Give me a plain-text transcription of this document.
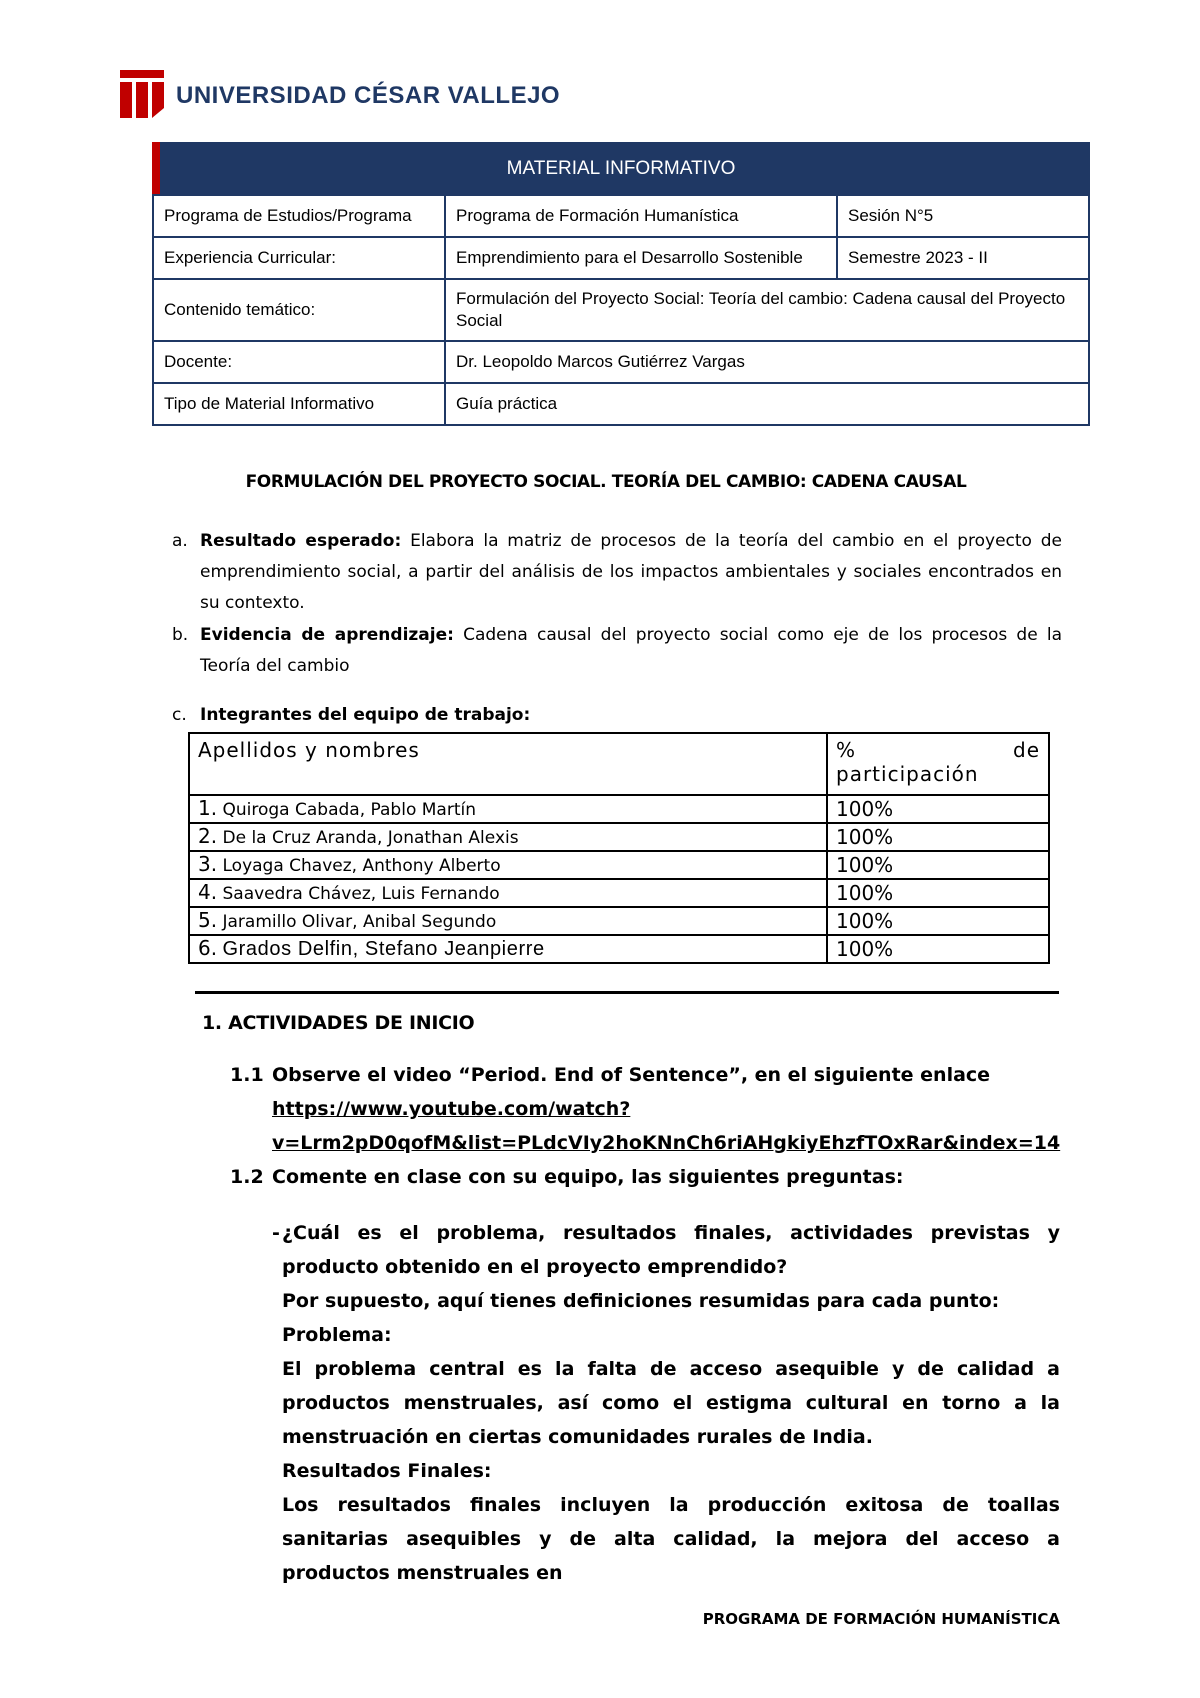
UNIVERSIDAD CÉSAR VALLEJO
MATERIAL INFORMATIVO		
Programa de Estudios/Programa	Programa de Formación Humanística	Sesión N°5
Experiencia Curricular:	Emprendimiento para el Desarrollo Sostenible	Semestre 2023 - II
Contenido temático:	Formulación del Proyecto Social: Teoría del cambio: Cadena causal del Proyecto Social	
Docente:	Dr. Leopoldo Marcos Gutiérrez Vargas	
Tipo de Material Informativo	Guía práctica	
FORMULACIÓN DEL PROYECTO SOCIAL. TEORÍA DEL CAMBIO: CADENA CAUSAL
a. Resultado esperado: Elabora la matriz de procesos de la teoría del cambio en el proyecto de emprendimiento social, a partir del análisis de los impactos ambientales y sociales encontrados en su contexto.
b. Evidencia de aprendizaje: Cadena causal del proyecto social como eje de los procesos de la Teoría del cambio
c. Integrantes del equipo de trabajo:
Apellidos y nombres	% de
participación

1. Quiroga Cabada, Pablo Martín	100%
2. De la Cruz Aranda, Jonathan Alexis	100%
3. Loyaga Chavez, Anthony Alberto	100%
4. Saavedra Chávez, Luis Fernando	100%
5. Jaramillo Olivar, Anibal Segundo	100%
6. Grados Delfin, Stefano Jeanpierre	100%
1. ACTIVIDADES DE INICIO
1.1 Observe el video “Period. End of Sentence”, en el siguiente enlace
https://www.youtube.com/watch?
v=Lrm2pD0qofM&list=PLdcVIy2hoKNnCh6riAHgkiyEhzfTOxRar&index=14
1.2 Comente en clase con su equipo, las siguientes preguntas:
- ¿Cuál es el problema, resultados finales, actividades previstas y producto obtenido en el proyecto emprendido?

Por supuesto, aquí tienes definiciones resumidas para cada punto:

Problema:

El problema central es la falta de acceso asequible y de calidad a productos menstruales, así como el estigma cultural en torno a la menstruación en ciertas comunidades rurales de India.

Resultados Finales:

Los resultados finales incluyen la producción exitosa de toallas sanitarias asequibles y de alta calidad, la mejora del acceso a productos menstruales en

PROGRAMA DE FORMACIÓN HUMANÍSTICA
